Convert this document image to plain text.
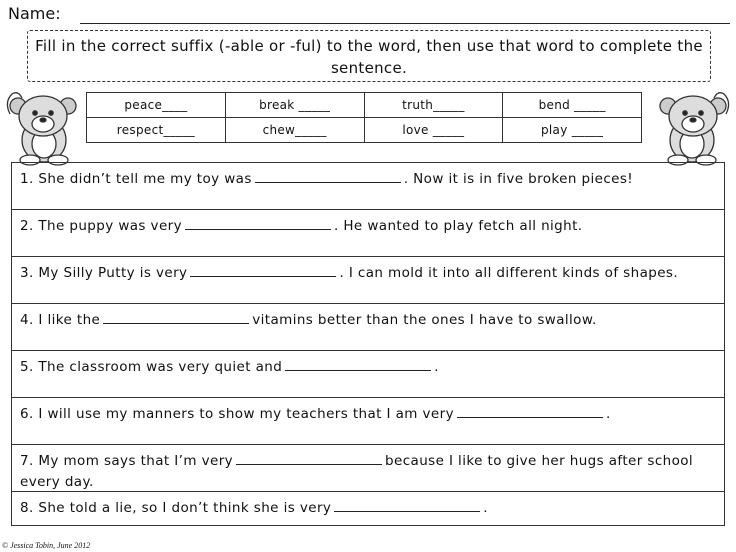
Name:
Fill in the correct suffix (-able or -ful) to the word, then use that word to complete the sentence.
peace____	break _____	truth_____	bend _____
respect_____	chew_____	love _____	play _____
1. She didn’t tell me my toy was	. Now it is in five broken pieces!
2. The puppy was very	. He wanted to play fetch all night.
3. My Silly Putty is very	. I can mold it into all different kinds of shapes.
4. I like the	vitamins better than the ones I have to swallow.
5. The classroom was very quiet and	.
6. I will use my manners to show my teachers that I am very	.
7. My mom says that I’m very	because I like to give her hugs after school every day.
8. She told a lie, so I don’t think she is very	.
© Jessica Tobin, June 2012
